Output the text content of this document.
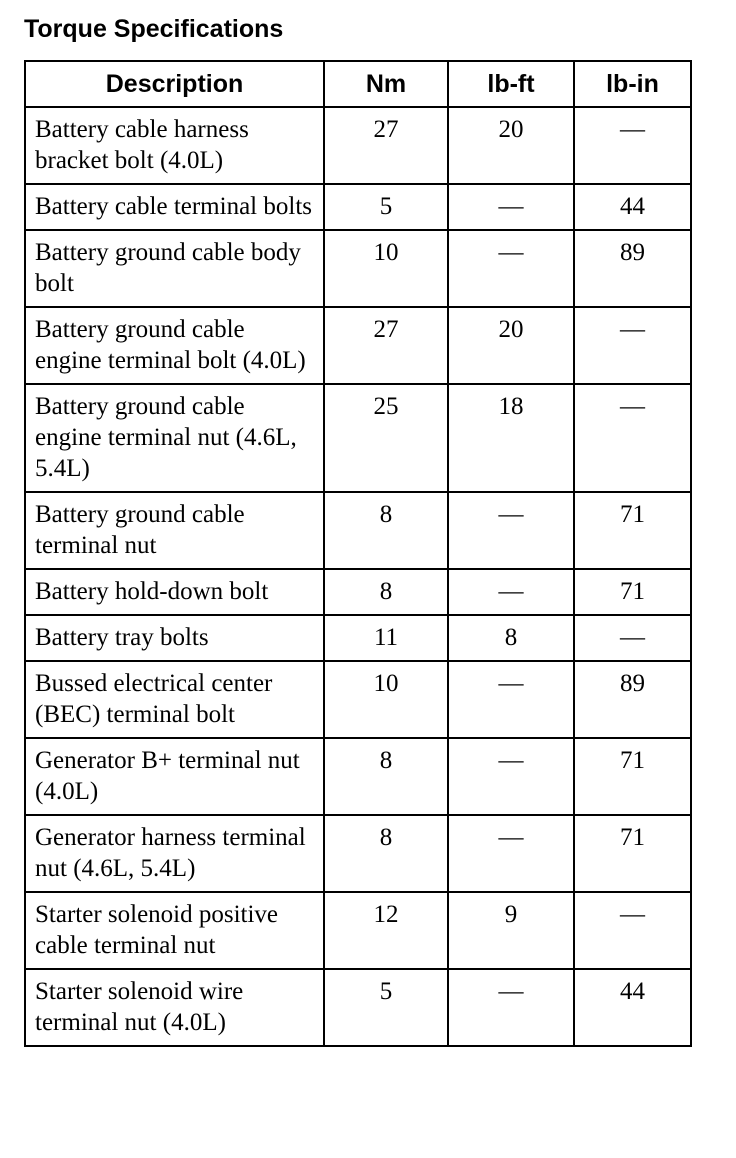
Torque Specifications
Description	Nm	lb-ft	lb-in
Battery cable harness bracket bolt (4.0L)	27	20	—
Battery cable terminal bolts	5	—	44
Battery ground cable body bolt	10	—	89
Battery ground cable engine terminal bolt (4.0L)	27	20	—
Battery ground cable engine terminal nut (4.6L, 5.4L)	25	18	—
Battery ground cable terminal nut	8	—	71
Battery hold-down bolt	8	—	71
Battery tray bolts	11	8	—
Bussed electrical center (BEC) terminal bolt	10	—	89
Generator B+ terminal nut (4.0L)	8	—	71
Generator harness terminal nut (4.6L, 5.4L)	8	—	71
Starter solenoid positive cable terminal nut	12	9	—
Starter solenoid wire terminal nut (4.0L)	5	—	44
